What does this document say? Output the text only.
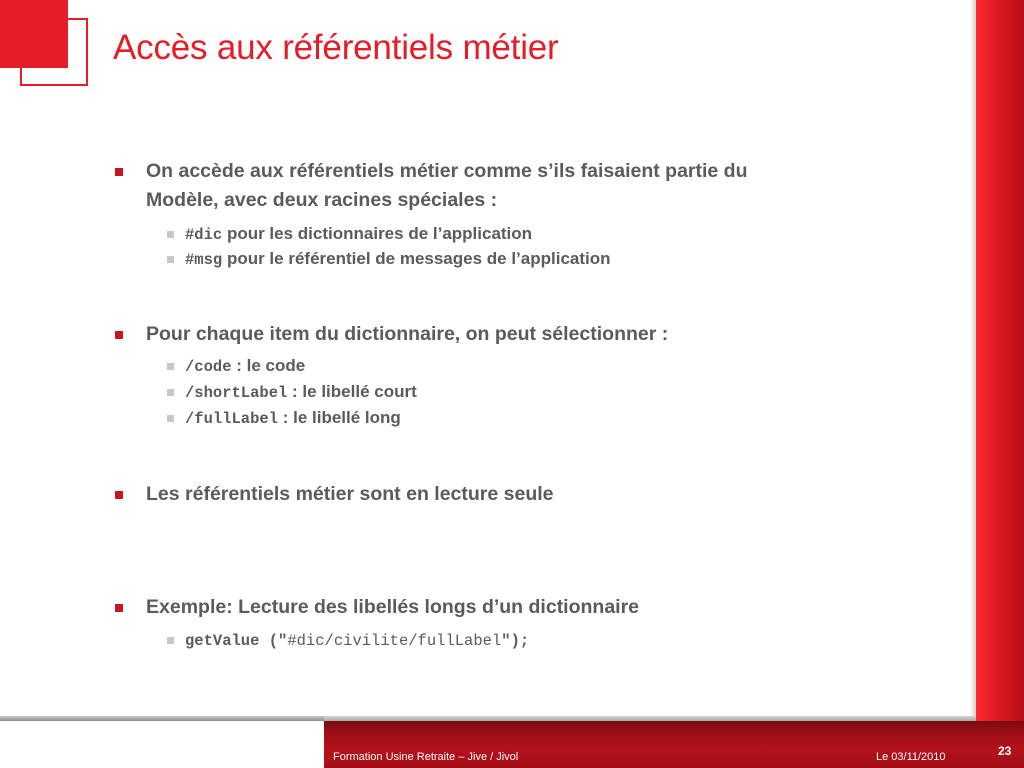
Accès aux référentiels métier
On accède aux référentiels métier comme s’ils faisaient partie du
Modèle, avec deux racines spéciales :
#dic pour les dictionnaires de l’application
#msg pour le référentiel de messages de l’application
Pour chaque item du dictionnaire, on peut sélectionner :
/code : le code
/shortLabel : le libellé court
/fullLabel : le libellé long
Les référentiels métier sont en lecture seule
Exemple: Lecture des libellés longs d’un dictionnaire
getValue ("#dic/civilite/fullLabel");
Formation Usine Retraite – Jive / Jivol	Le 03/11/2010	23
